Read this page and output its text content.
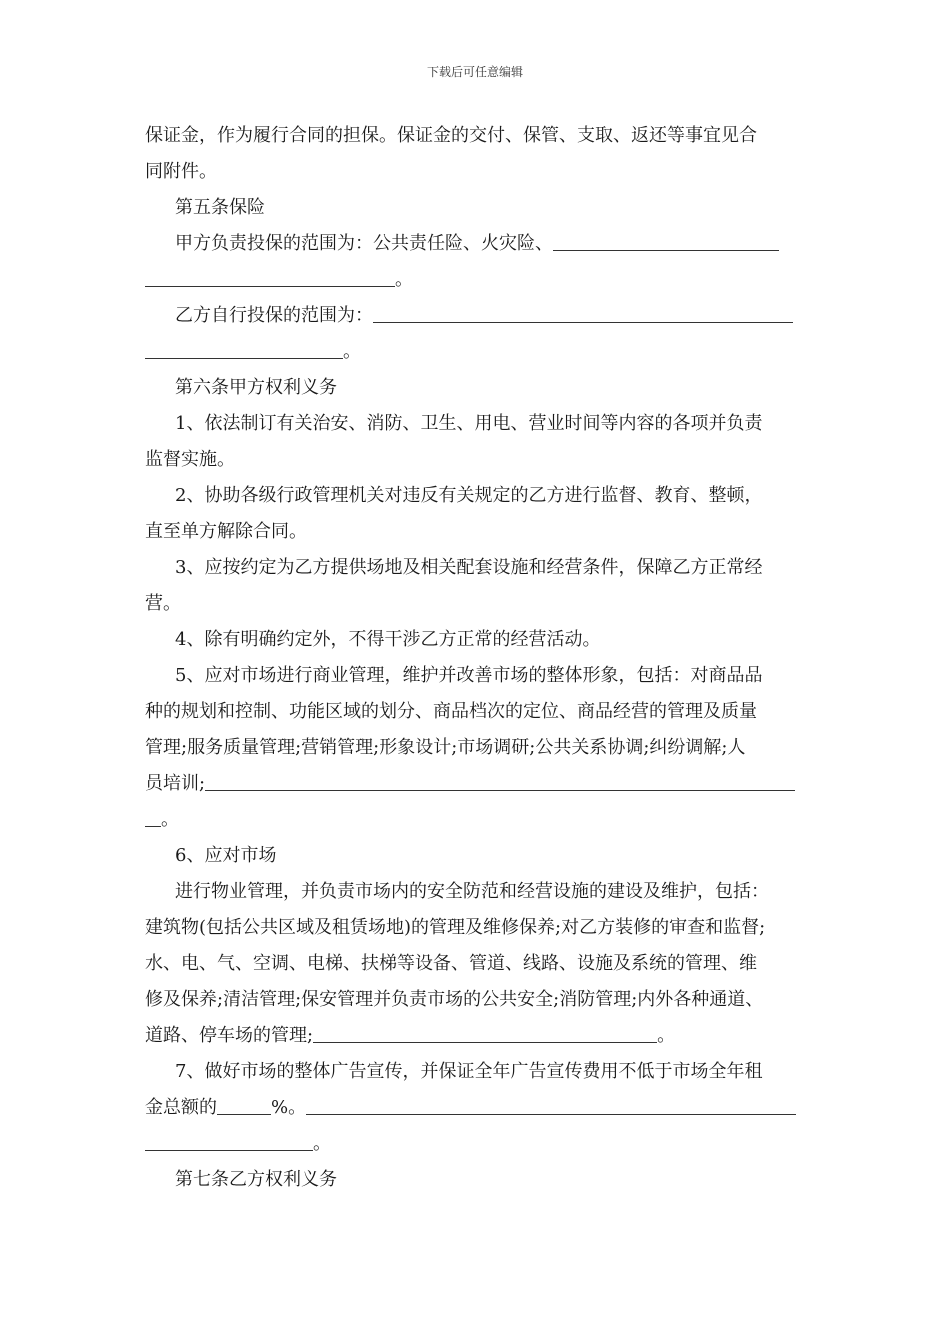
下载后可任意编辑
保证金，作为履行合同的担保。保证金的交付、保管、支取、返还等事宜见合
同附件。
第五条保险
甲方负责投保的范围为：公共责任险、火灾险、
。
乙方自行投保的范围为：
。
第六条甲方权利义务
1、依法制订有关治安、消防、卫生、用电、营业时间等内容的各项并负责
监督实施。
2、协助各级行政管理机关对违反有关规定的乙方进行监督、教育、整顿，
直至单方解除合同。
3、应按约定为乙方提供场地及相关配套设施和经营条件，保障乙方正常经
营。
4、除有明确约定外，不得干涉乙方正常的经营活动。
5、应对市场进行商业管理，维护并改善市场的整体形象，包括：对商品品
种的规划和控制、功能区域的划分、商品档次的定位、商品经营的管理及质量
管理;服务质量管理;营销管理;形象设计;市场调研;公共关系协调;纠纷调解;人
员培训;
。
6、应对市场
进行物业管理，并负责市场内的安全防范和经营设施的建设及维护，包括：
建筑物(包括公共区域及租赁场地)的管理及维修保养;对乙方装修的审查和监督;
水、电、气、空调、电梯、扶梯等设备、管道、线路、设施及系统的管理、维
修及保养;清洁管理;保安管理并负责市场的公共安全;消防管理;内外各种通道、
道路、停车场的管理;	。
7、做好市场的整体广告宣传，并保证全年广告宣传费用不低于市场全年租
金总额的	%。
。
第七条乙方权利义务
